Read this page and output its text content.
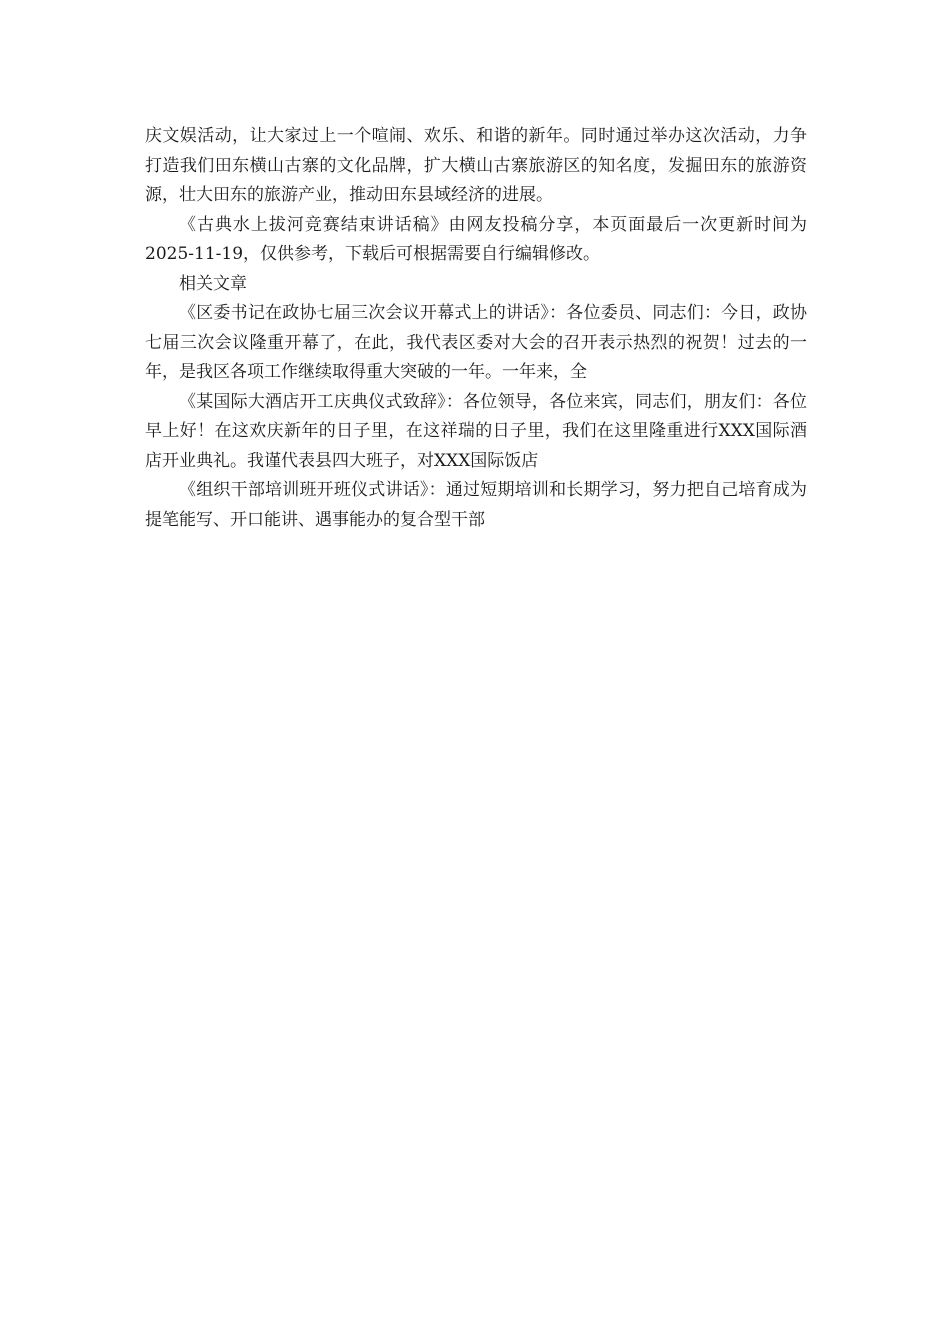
庆文娱活动，让大家过上一个喧闹、欢乐、和谐的新年。同时通过举办这次活动，力争打造我们田东横山古寨的文化品牌，扩大横山古寨旅游区的知名度，发掘田东的旅游资源，壮大田东的旅游产业，推动田东县域经济的进展。

《古典水上拔河竞赛结束讲话稿》由网友投稿分享，本页面最后一次更新时间为2025-11-19，仅供参考，下载后可根据需要自行编辑修改。

相关文章

《区委书记在政协七届三次会议开幕式上的讲话》：各位委员、同志们：今日，政协七届三次会议隆重开幕了，在此，我代表区委对大会的召开表示热烈的祝贺！过去的一年，是我区各项工作继续取得重大突破的一年。一年来，全

《某国际大酒店开工庆典仪式致辞》：各位领导，各位来宾，同志们，朋友们：各位早上好！在这欢庆新年的日子里，在这祥瑞的日子里，我们在这里隆重进行XXX国际酒店开业典礼。我谨代表县四大班子，对XXX国际饭店

《组织干部培训班开班仪式讲话》：通过短期培训和长期学习，努力把自己培育成为提笔能写、开口能讲、遇事能办的复合型干部
